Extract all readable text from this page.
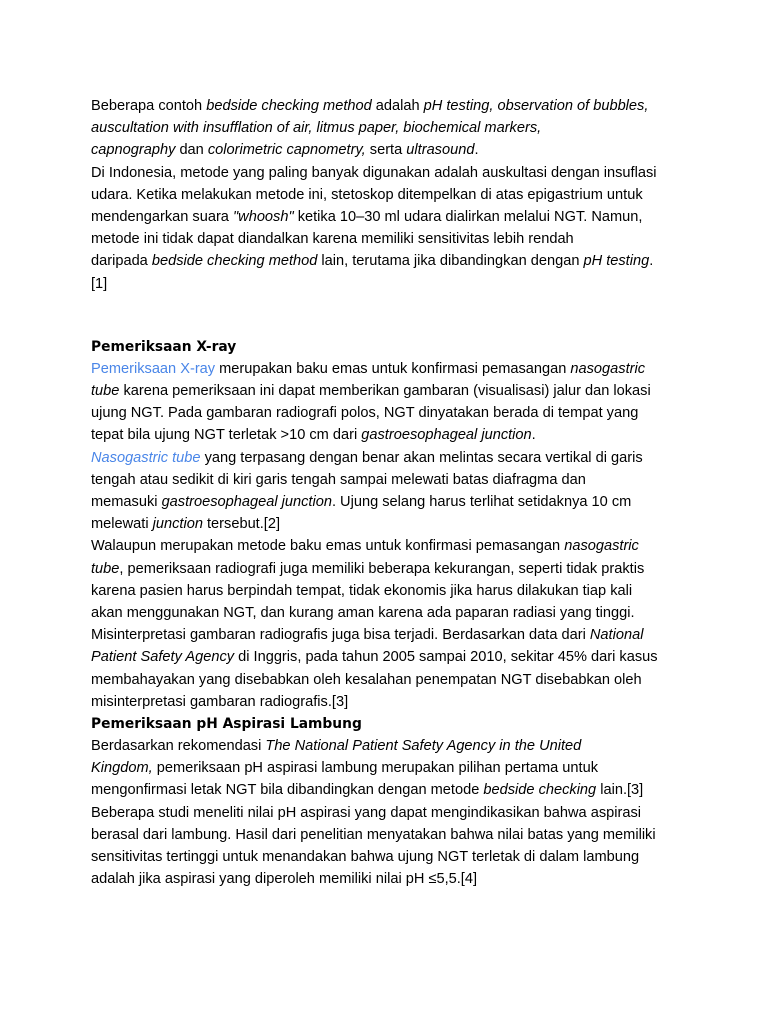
Beberapa contoh bedside checking method adalah pH testing, observation of bubbles,
auscultation with insufflation of air, litmus paper, biochemical markers,
capnography dan colorimetric capnometry, serta ultrasound.
Di Indonesia, metode yang paling banyak digunakan adalah auskultasi dengan insuflasi
udara. Ketika melakukan metode ini, stetoskop ditempelkan di atas epigastrium untuk
mendengarkan suara "whoosh" ketika 10–30 ml udara dialirkan melalui NGT. Namun,
metode ini tidak dapat diandalkan karena memiliki sensitivitas lebih rendah
daripada bedside checking method lain, terutama jika dibandingkan dengan pH testing.
[1]
Pemeriksaan X-ray
Pemeriksaan X-ray merupakan baku emas untuk konfirmasi pemasangan nasogastric
tube karena pemeriksaan ini dapat memberikan gambaran (visualisasi) jalur dan lokasi
ujung NGT. Pada gambaran radiografi polos, NGT dinyatakan berada di tempat yang
tepat bila ujung NGT terletak >10 cm dari gastroesophageal junction.
Nasogastric tube yang terpasang dengan benar akan melintas secara vertikal di garis
tengah atau sedikit di kiri garis tengah sampai melewati batas diafragma dan
memasuki gastroesophageal junction. Ujung selang harus terlihat setidaknya 10 cm
melewati junction tersebut.[2]
Walaupun merupakan metode baku emas untuk konfirmasi pemasangan nasogastric
tube, pemeriksaan radiografi juga memiliki beberapa kekurangan, seperti tidak praktis
karena pasien harus berpindah tempat, tidak ekonomis jika harus dilakukan tiap kali
akan menggunakan NGT, dan kurang aman karena ada paparan radiasi yang tinggi.
Misinterpretasi gambaran radiografis juga bisa terjadi. Berdasarkan data dari National
Patient Safety Agency di Inggris, pada tahun 2005 sampai 2010, sekitar 45% dari kasus
membahayakan yang disebabkan oleh kesalahan penempatan NGT disebabkan oleh
misinterpretasi gambaran radiografis.[3]
Pemeriksaan pH Aspirasi Lambung
Berdasarkan rekomendasi The National Patient Safety Agency in the United
Kingdom, pemeriksaan pH aspirasi lambung merupakan pilihan pertama untuk
mengonfirmasi letak NGT bila dibandingkan dengan metode bedside checking lain.[3]
Beberapa studi meneliti nilai pH aspirasi yang dapat mengindikasikan bahwa aspirasi
berasal dari lambung. Hasil dari penelitian menyatakan bahwa nilai batas yang memiliki
sensitivitas tertinggi untuk menandakan bahwa ujung NGT terletak di dalam lambung
adalah jika aspirasi yang diperoleh memiliki nilai pH ≤5,5.[4]
